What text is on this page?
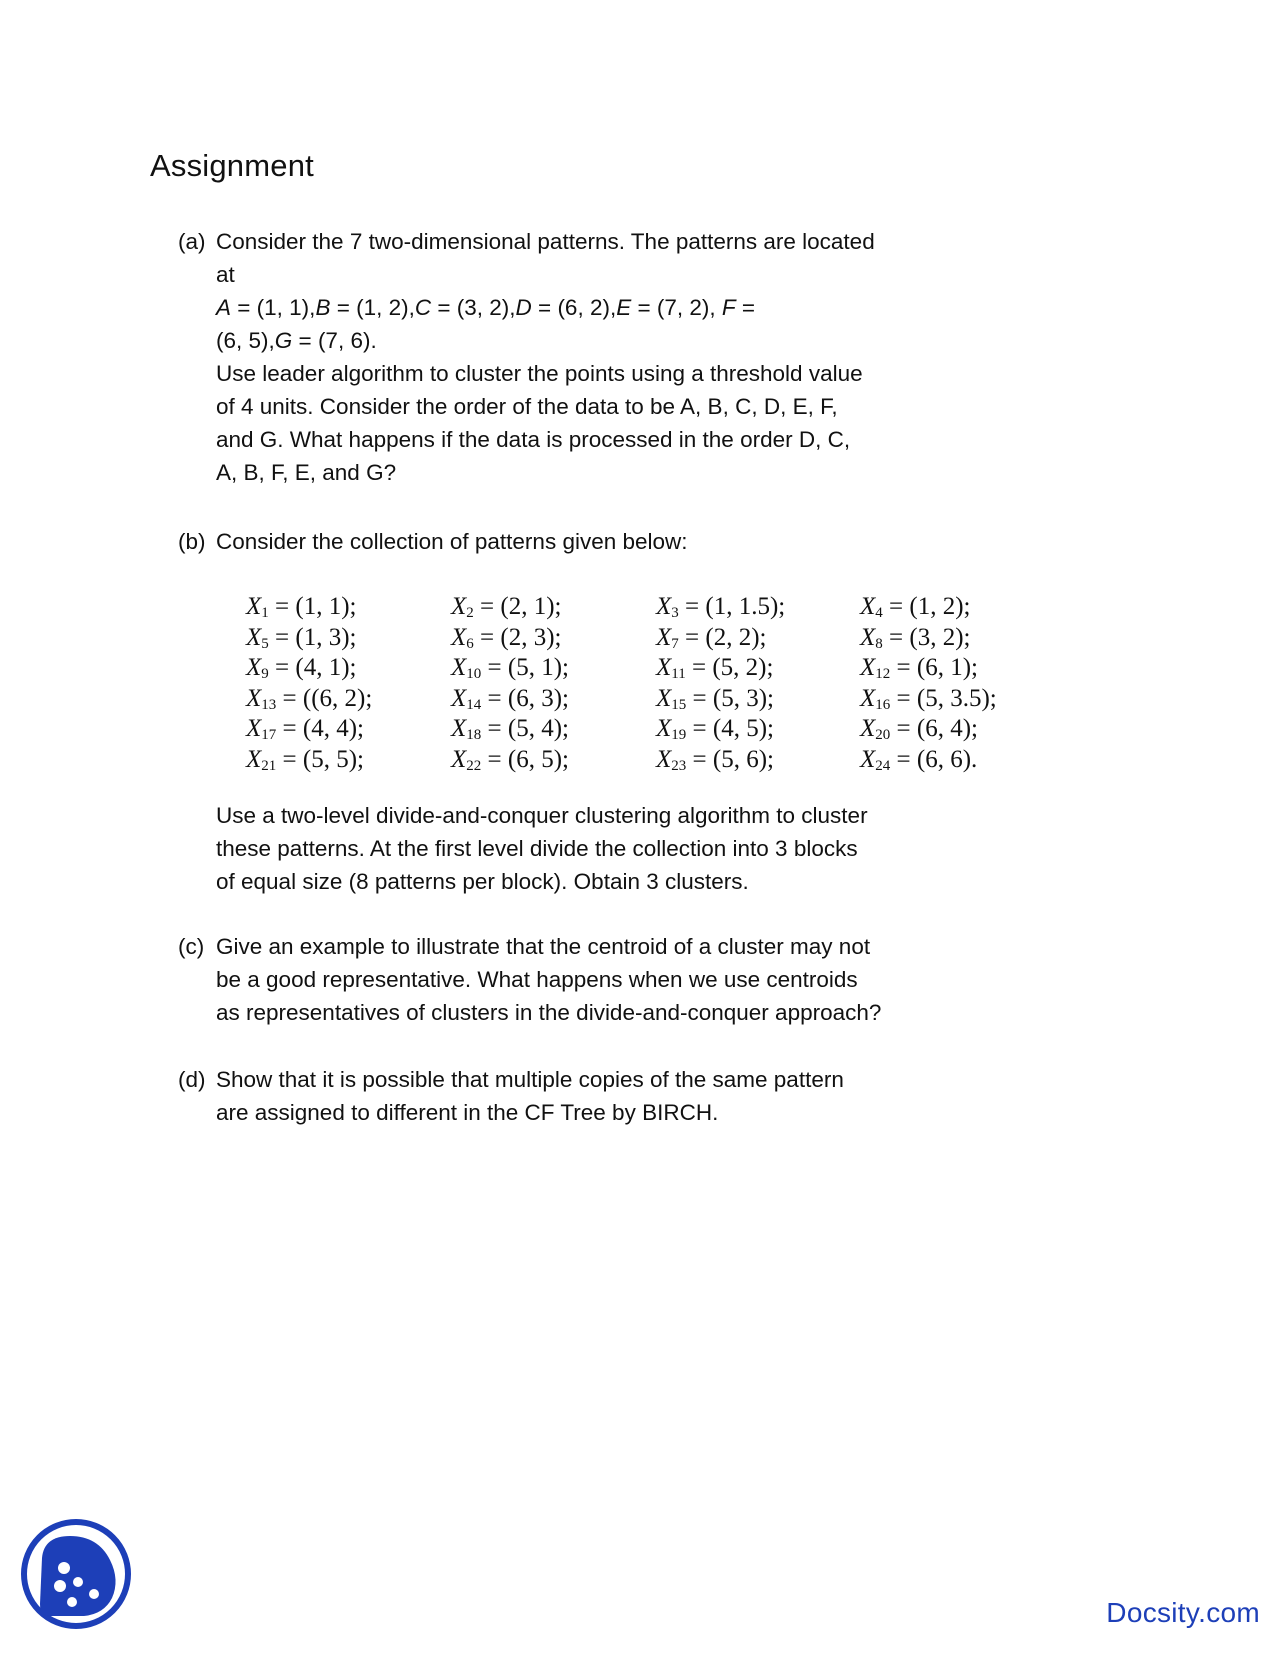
Assignment
(a) Consider the 7 two-dimensional patterns. The patterns are located
at
A = (1, 1),B = (1, 2),C = (3, 2),D = (6, 2),E = (7, 2), F =
(6, 5),G = (7, 6).
Use leader algorithm to cluster the points using a threshold value
of 4 units. Consider the order of the data to be A, B, C, D, E, F,
and G. What happens if the data is processed in the order D, C,
A, B, F, E, and G?
(b) Consider the collection of patterns given below:
$X_1 = (1$, 1);	$X_2 = (2$, 1);	$X_3 = (1$, 1.5);	$X_4 = (1$, 2);
$X_5 = (1$, 3);	$X_6 = (2$, 3);	$X_7 = (2$, 2);	$X_8 = (3$, 2);
$X_9 = (4$, 1);	$X_{10} = (5$, 1);	$X_{11} = (5$, 2);	$X_{12} = (6$, 1);
$X_{13} = ((6$, 2);	$X_{14} = (6$, 3);	$X_{15} = (5$, 3);	$X_{16} = (5$, 3.5);
$X_{17} = (4$, 4);	$X_{18} = (5$, 4);	$X_{19} = (4$, 5);	$X_{20} = (6$, 4);
$X_{21} = (5$, 5);	$X_{22} = (6$, 5);	$X_{23} = (5$, 6);	$X_{24} = (6$, 6).
Use a two-level divide-and-conquer clustering algorithm to cluster
these patterns. At the first level divide the collection into 3 blocks
of equal size (8 patterns per block). Obtain 3 clusters.
(c) Give an example to illustrate that the centroid of a cluster may not
be a good representative. What happens when we use centroids
as representatives of clusters in the divide-and-conquer approach?
(d) Show that it is possible that multiple copies of the same pattern
are assigned to different in the CF Tree by BIRCH.
Docsity.com
